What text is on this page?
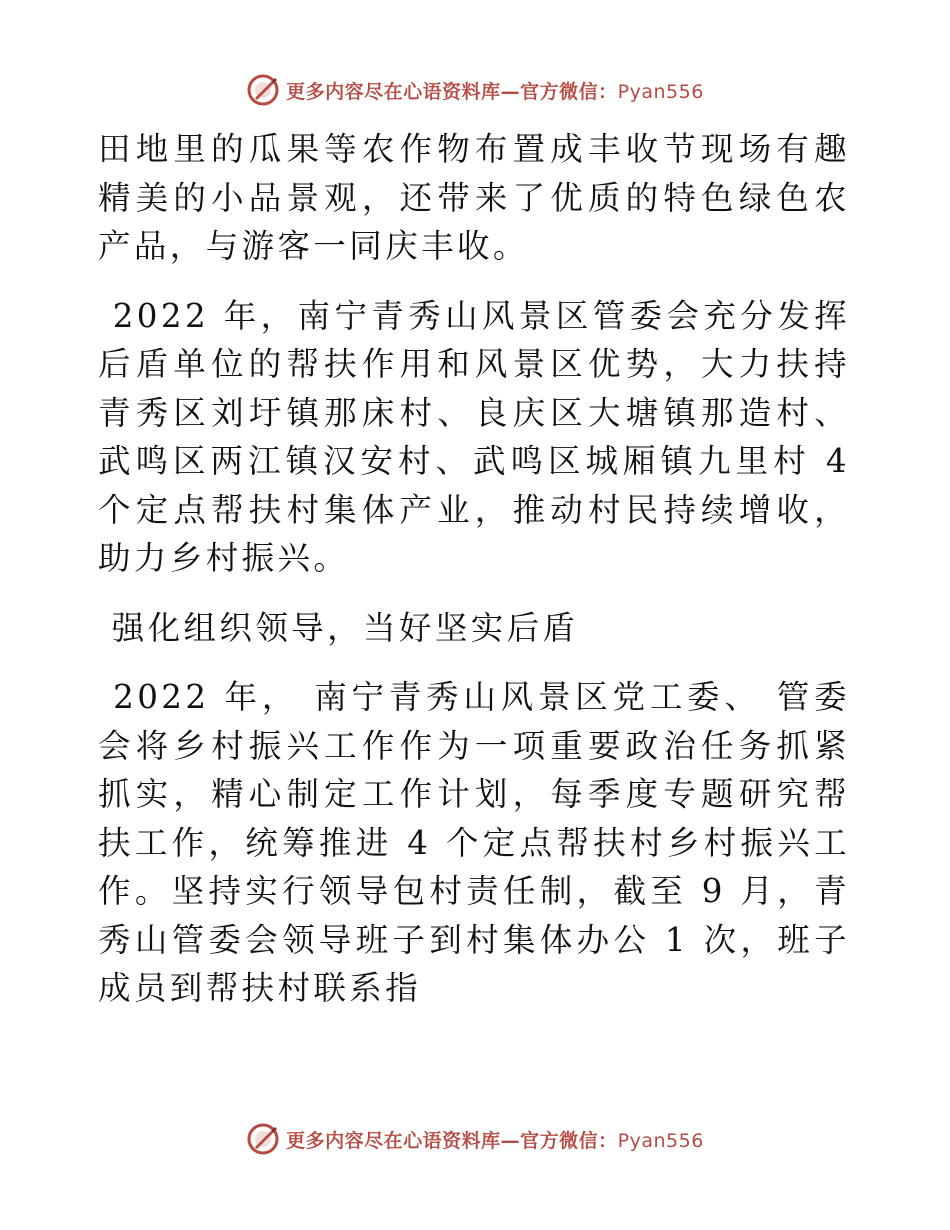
更多内容尽在心语资料库—官方微信：Pyan556

田地里的瓜果等农作物布置成丰收节现场有趣精美的小品景观，还带来了优质的特色绿色农产品，与游客一同庆丰收。

2022 年，南宁青秀山风景区管委会充分发挥后盾单位的帮扶作用和风景区优势，大力扶持青秀区刘圩镇那床村、良庆区大塘镇那造村、武鸣区两江镇汉安村、武鸣区城厢镇九里村 4 个定点帮扶村集体产业，推动村民持续增收，助力乡村振兴。

强化组织领导，当好坚实后盾

2022 年， 南宁青秀山风景区党工委、 管委会将乡村振兴工作作为一项重要政治任务抓紧抓实，精心制定工作计划，每季度专题研究帮扶工作，统筹推进 4 个定点帮扶村乡村振兴工作。坚持实行领导包村责任制，截至 9 月，青秀山管委会领导班子到村集体办公 1 次，班子成员到帮扶村联系指

更多内容尽在心语资料库—官方微信：Pyan556
